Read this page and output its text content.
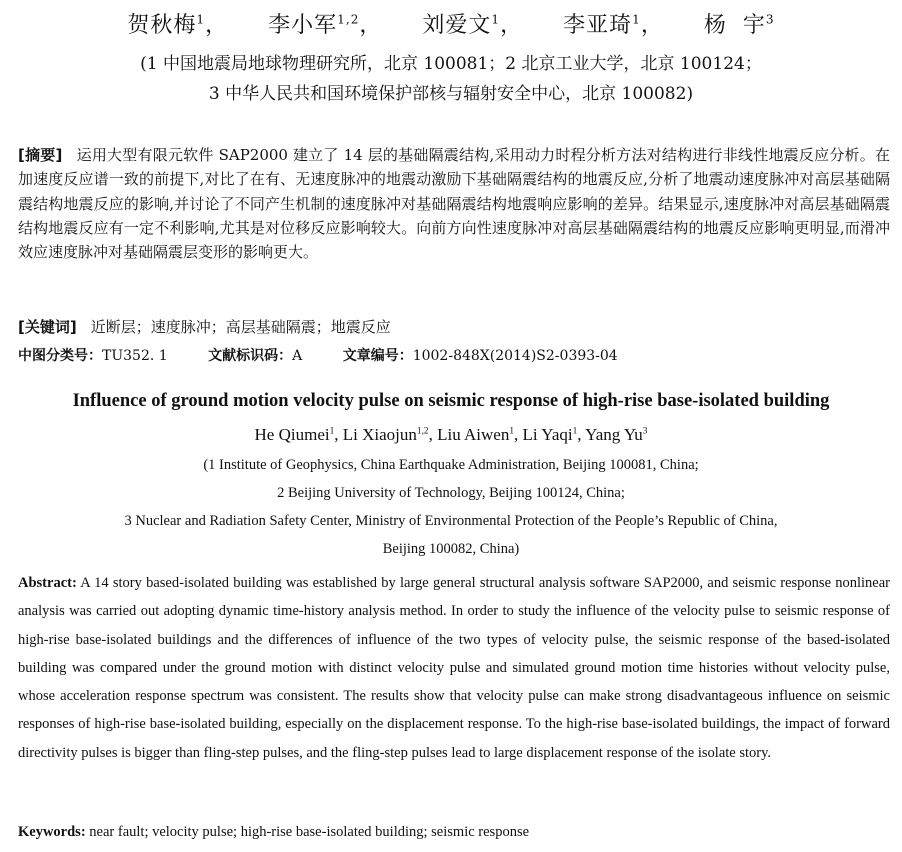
贺秋梅$^1$， 李小军$^{1,2}$， 刘爱文$^1$， 李亚琦$^1$， 杨  宇$^3$
(1 中国地震局地球物理研究所，北京 100081；2 北京工业大学，北京 100124；
3 中华人民共和国环境保护部核与辐射安全中心，北京 100082)
[摘要] 运用大型有限元软件 SAP2000 建立了 14 层的基础隔震结构,采用动力时程分析方法对结构进行非线性地震反应分析。在加速度反应谱一致的前提下,对比了在有、无速度脉冲的地震动激励下基础隔震结构的地震反应,分析了地震动速度脉冲对高层基础隔震结构地震反应的影响,并讨论了不同产生机制的速度脉冲对基础隔震结构地震响应影响的差异。结果显示,速度脉冲对高层基础隔震结构地震反应有一定不利影响,尤其是对位移反应影响较大。向前方向性速度脉冲对高层基础隔震结构的地震反应影响更明显,而滑冲效应速度脉冲对基础隔震层变形的影响更大。
[关键词] 近断层；速度脉冲；高层基础隔震；地震反应
中图分类号：TU352. 1	文献标识码：A	文章编号：1002-848X(2014)S2-0393-04
Influence of ground motion velocity pulse on seismic response of high-rise base-isolated building
He Qiumei$^1$, Li Xiaojun$^{1,2}$, Liu Aiwen$^1$, Li Yaqi$^1$, Yang Yu$^3$
(1 Institute of Geophysics, China Earthquake Administration, Beijing 100081, China;
2 Beijing University of Technology, Beijing 100124, China;
3 Nuclear and Radiation Safety Center, Ministry of Environmental Protection of the People’s Republic of China,
Beijing 100082, China)
Abstract: A 14 story based-isolated building was established by large general structural analysis software SAP2000, and seismic response nonlinear analysis was carried out adopting dynamic time-history analysis method. In order to study the influence of the velocity pulse to seismic response of high-rise base-isolated buildings and the differences of influence of the two types of velocity pulse, the seismic response of the based-isolated building was compared under the ground motion with distinct velocity pulse and simulated ground motion time histories without velocity pulse, whose acceleration response spectrum was consistent. The results show that velocity pulse can make strong disadvantageous influence on seismic responses of high-rise base-isolated building, especially on the displacement response. To the high-rise base-isolated buildings, the impact of forward directivity pulses is bigger than fling-step pulses, and the fling-step pulses lead to large displacement response of the isolate story.
Keywords: near fault; velocity pulse; high-rise base-isolated building; seismic response
